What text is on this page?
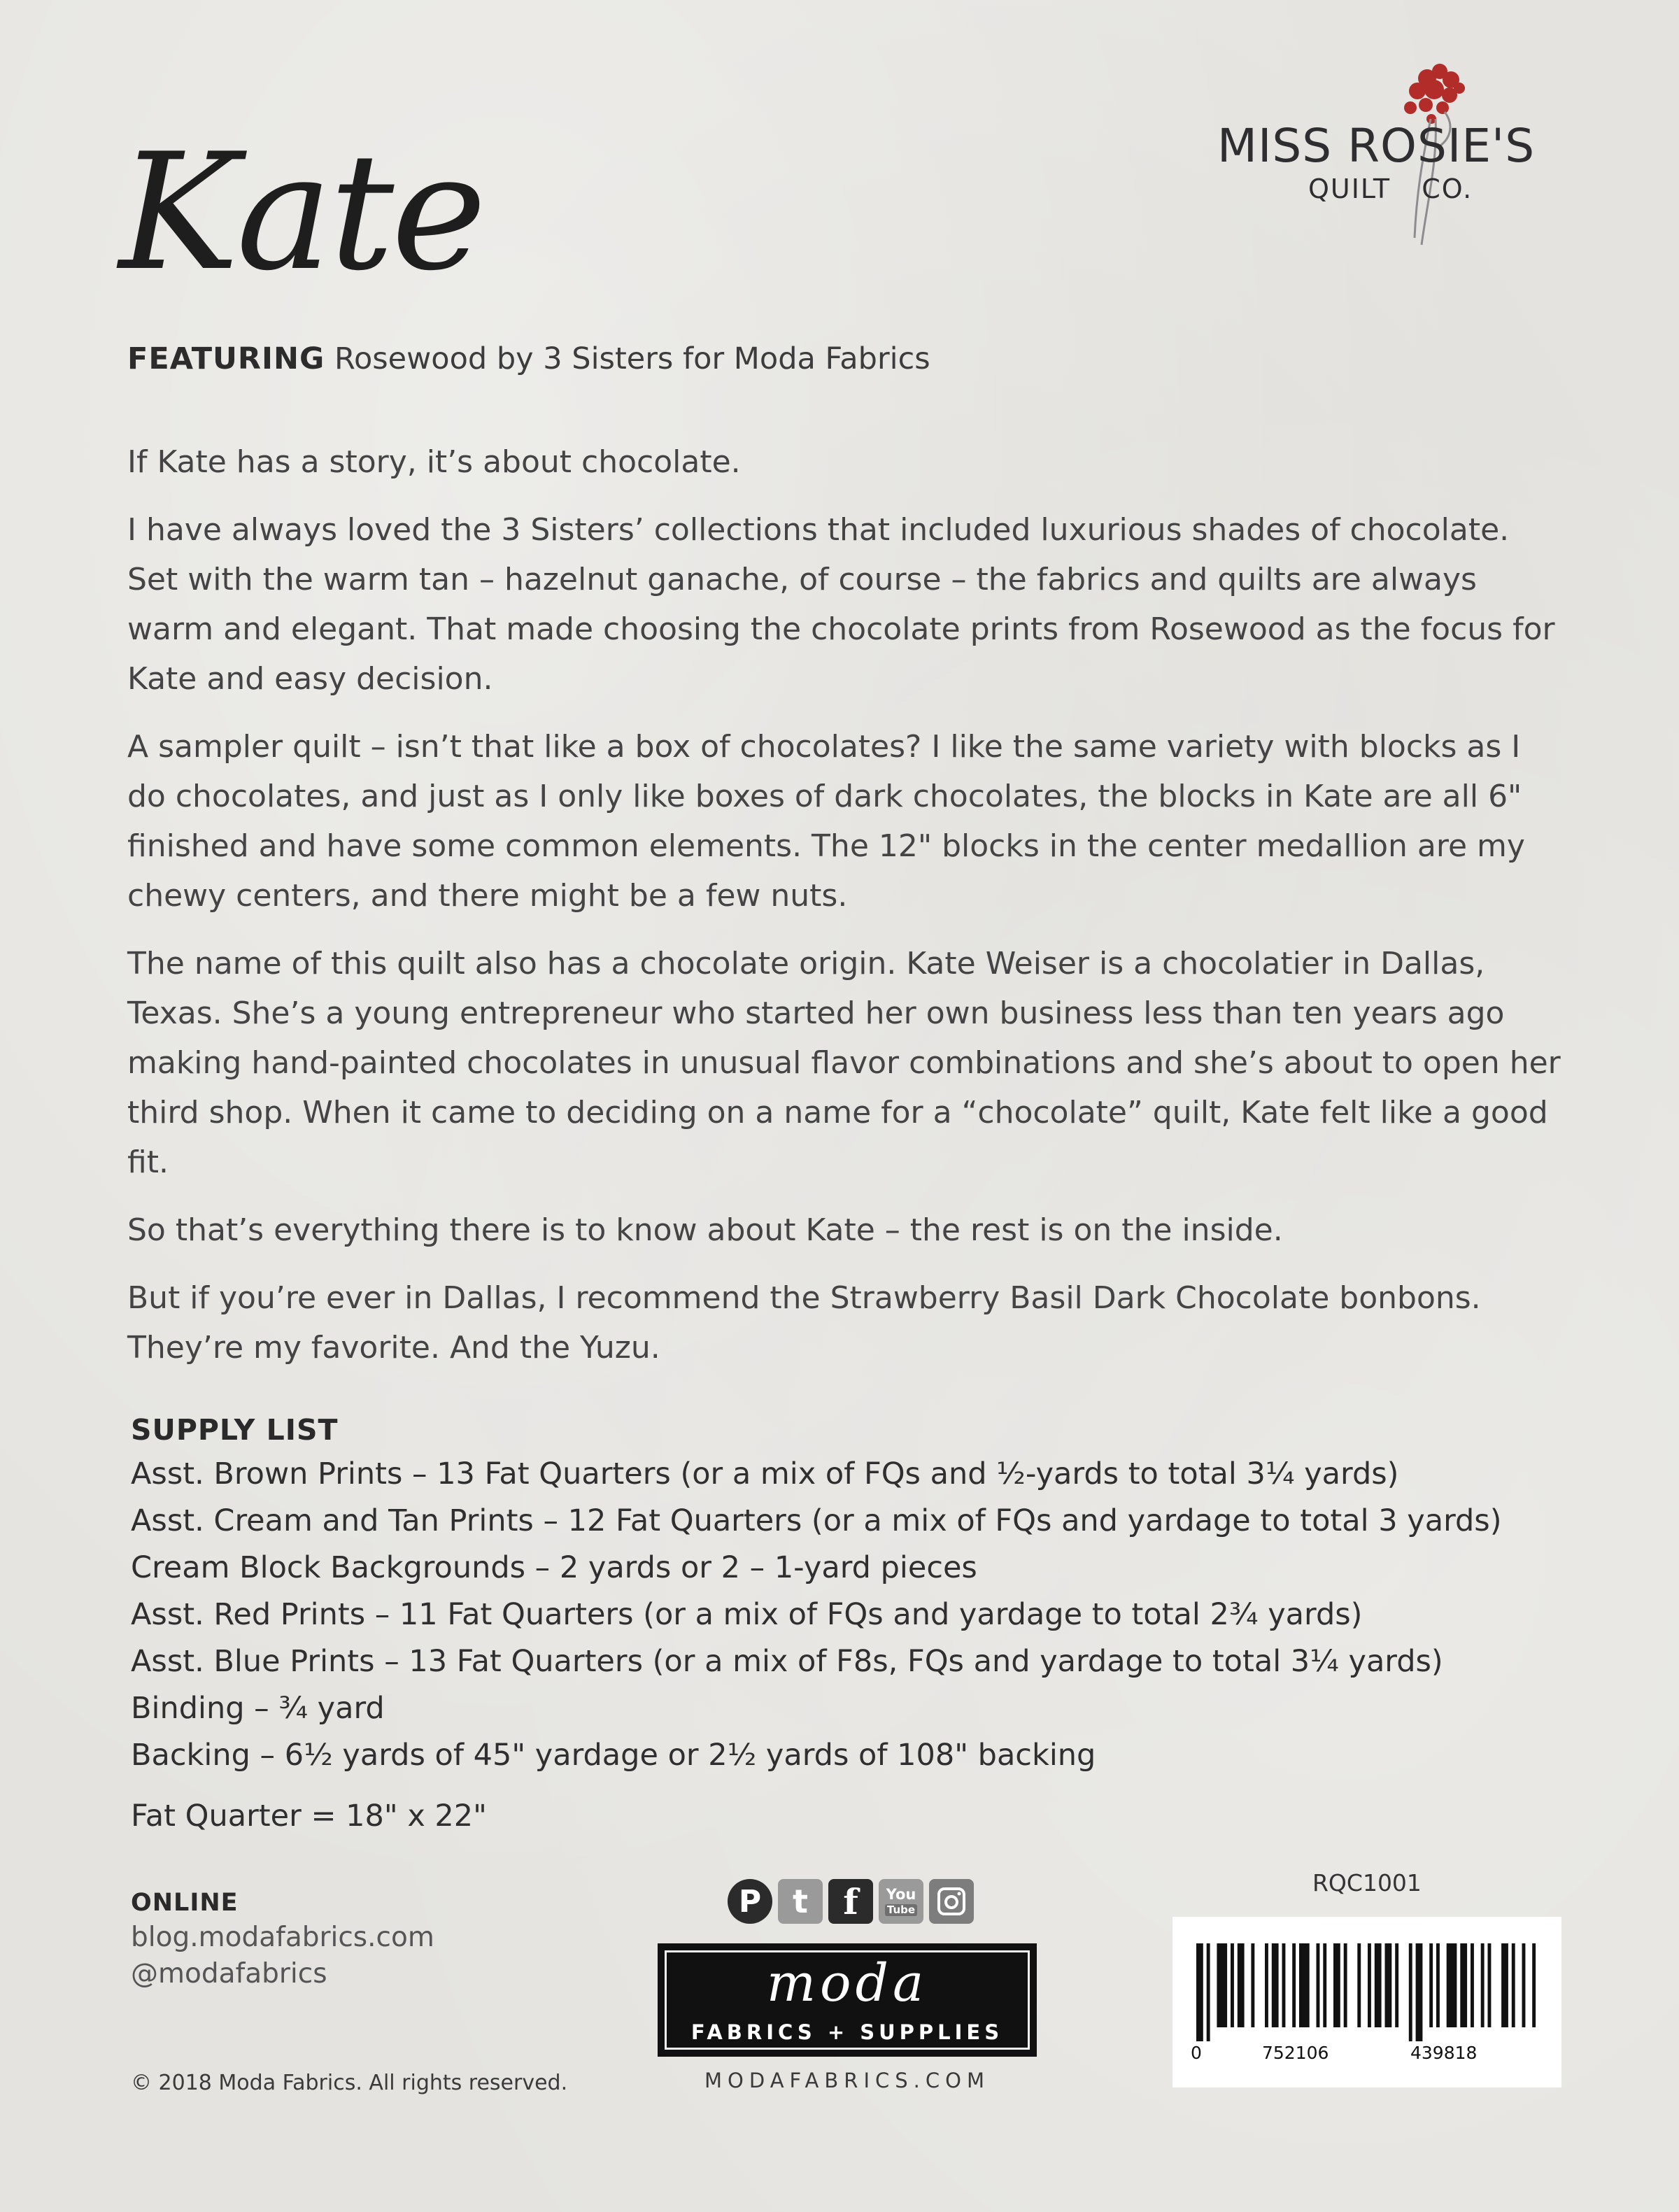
Kate	MISS ROSIE'S
QUILT CO.

FEATURING Rosewood by 3 Sisters for Moda Fabrics

If Kate has a story, it’s about chocolate.

I have always loved the 3 Sisters’ collections that included luxurious shades of chocolate. Set with the warm tan – hazelnut ganache, of course – the fabrics and quilts are always warm and elegant. That made choosing the chocolate prints from Rosewood as the focus for Kate and easy decision.

A sampler quilt – isn’t that like a box of chocolates? I like the same variety with blocks as I do chocolates, and just as I only like boxes of dark chocolates, the blocks in Kate are all 6" finished and have some common elements. The 12" blocks in the center medallion are my chewy centers, and there might be a few nuts.

The name of this quilt also has a chocolate origin. Kate Weiser is a chocolatier in Dallas, Texas. She’s a young entrepreneur who started her own business less than ten years ago making hand-painted chocolates in unusual flavor combinations and she’s about to open her third shop. When it came to deciding on a name for a “chocolate” quilt, Kate felt like a good fit.

So that’s everything there is to know about Kate – the rest is on the inside.

But if you’re ever in Dallas, I recommend the Strawberry Basil Dark Chocolate bonbons. They’re my favorite. And the Yuzu.

SUPPLY LIST
Asst. Brown Prints – 13 Fat Quarters (or a mix of FQs and ½-yards to total 3¼ yards)
Asst. Cream and Tan Prints – 12 Fat Quarters (or a mix of FQs and yardage to total 3 yards)
Cream Block Backgrounds – 2 yards or 2 – 1-yard pieces
Asst. Red Prints – 11 Fat Quarters (or a mix of FQs and yardage to total 2¾ yards)
Asst. Blue Prints – 13 Fat Quarters (or a mix of F8s, FQs and yardage to total 3¼ yards)
Binding – ¾ yard
Backing – 6½ yards of 45" yardage or 2½ yards of 108" backing
Fat Quarter = 18" x 22"
ONLINE
blog.modafabrics.com
@modafabrics
© 2018 Moda Fabrics. All rights reserved.
P t	f	You
Tube
moda
FABRICS + SUPPLIES
MODAFABRICS.COM
RQC1001
0	752106	439818
